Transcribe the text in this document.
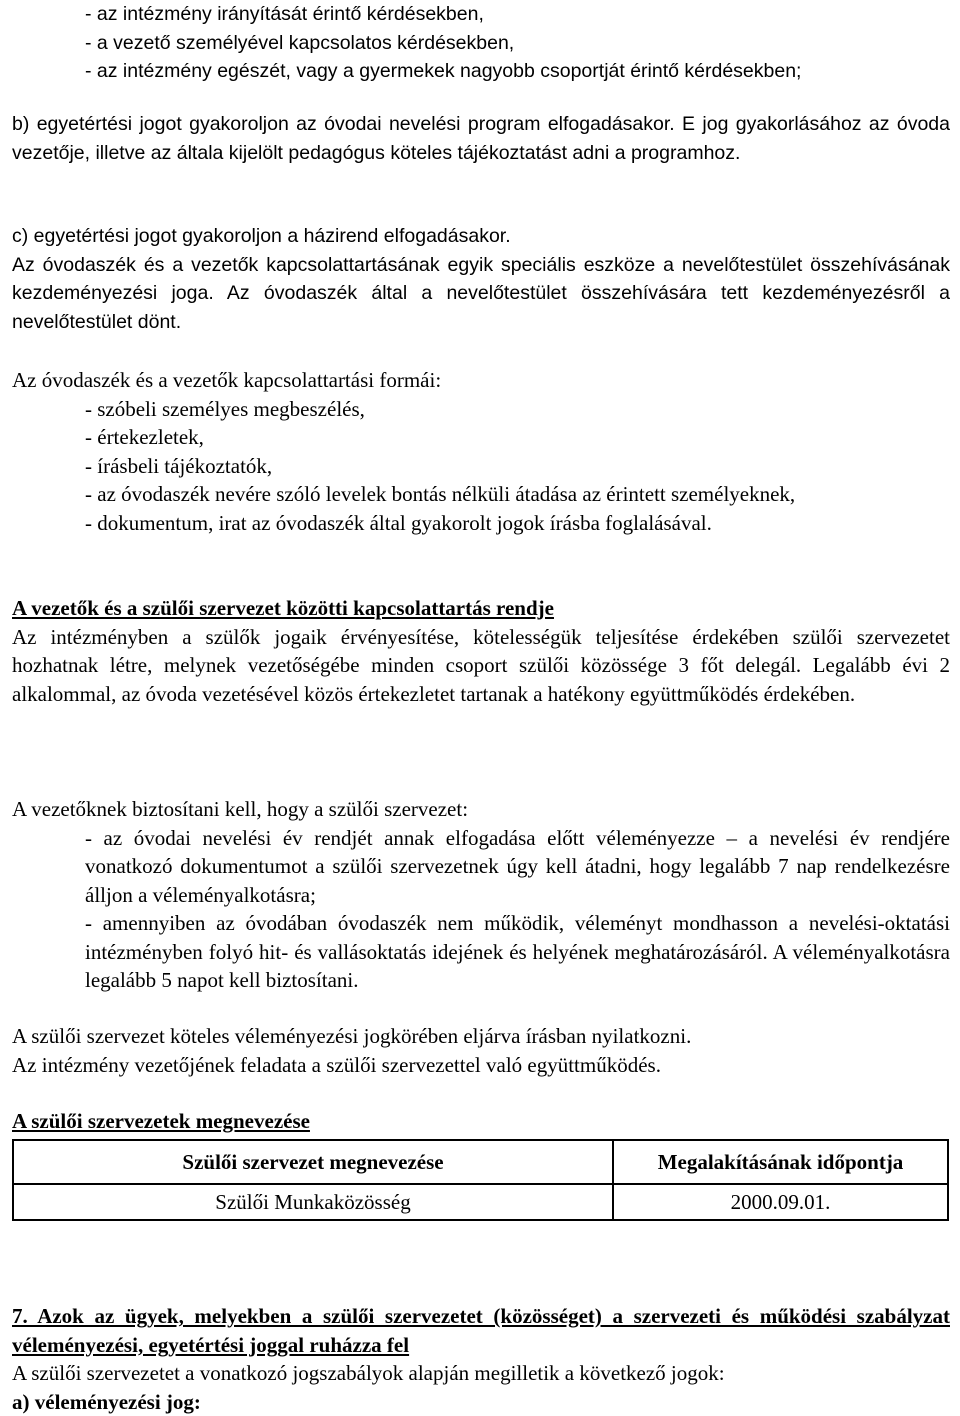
- az intézmény irányítását érintő kérdésekben,
- a vezető személyével kapcsolatos kérdésekben,
- az intézmény egészét, vagy a gyermekek nagyobb csoportját érintő kérdésekben;

b) egyetértési jogot gyakoroljon az óvodai nevelési program elfogadásakor. E jog gyakorlásához az óvoda vezetője, illetve az általa kijelölt pedagógus köteles tájékoztatást adni a programhoz.

c) egyetértési jogot gyakoroljon a házirend elfogadásakor.

Az óvodaszék és a vezetők kapcsolattartásának egyik speciális eszköze a nevelőtestület összehívásának kezdeményezési joga. Az óvodaszék által a nevelőtestület összehívására tett kezdeményezésről a nevelőtestület dönt.

Az óvodaszék és a vezetők kapcsolattartási formái:

- szóbeli személyes megbeszélés,
- értekezletek,
- írásbeli tájékoztatók,
- az óvodaszék nevére szóló levelek bontás nélküli átadása az érintett személyeknek,
- dokumentum, irat az óvodaszék által gyakorolt jogok írásba foglalásával.

A vezetők és a szülői szervezet közötti kapcsolattartás rendje

Az intézményben a szülők jogaik érvényesítése, kötelességük teljesítése érdekében szülői szervezetet hozhatnak létre, melynek vezetőségébe minden csoport szülői közössége 3 főt delegál. Legalább évi 2 alkalommal, az óvoda vezetésével közös értekezletet tartanak a hatékony együttműködés érdekében.

A vezetőknek biztosítani kell, hogy a szülői szervezet:

- az óvodai nevelési év rendjét annak elfogadása előtt véleményezze – a nevelési év rendjére vonatkozó dokumentumot a szülői szervezetnek úgy kell átadni, hogy legalább 7 nap rendelkezésre álljon a véleményalkotásra;

- amennyiben az óvodában óvodaszék nem működik, véleményt mondhasson a nevelési-oktatási intézményben folyó hit- és vallásoktatás idejének és helyének meghatározásáról. A véleményalkotásra legalább 5 napot kell biztosítani.

A szülői szervezet köteles véleményezési jogkörében eljárva írásban nyilatkozni.

Az intézmény vezetőjének feladata a szülői szervezettel való együttműködés.

A szülői szervezetek megnevezése

Szülői szervezet megnevezése	Megalakításának időpontja
Szülői Munkaközösség	2000.09.01.

7. Azok az ügyek, melyekben a szülői szervezetet (közösséget) a szervezeti és működési szabályzat véleményezési, egyetértési joggal ruházza fel

A szülői szervezetet a vonatkozó jogszabályok alapján megilletik a következő jogok:

a) véleményezési jog:
